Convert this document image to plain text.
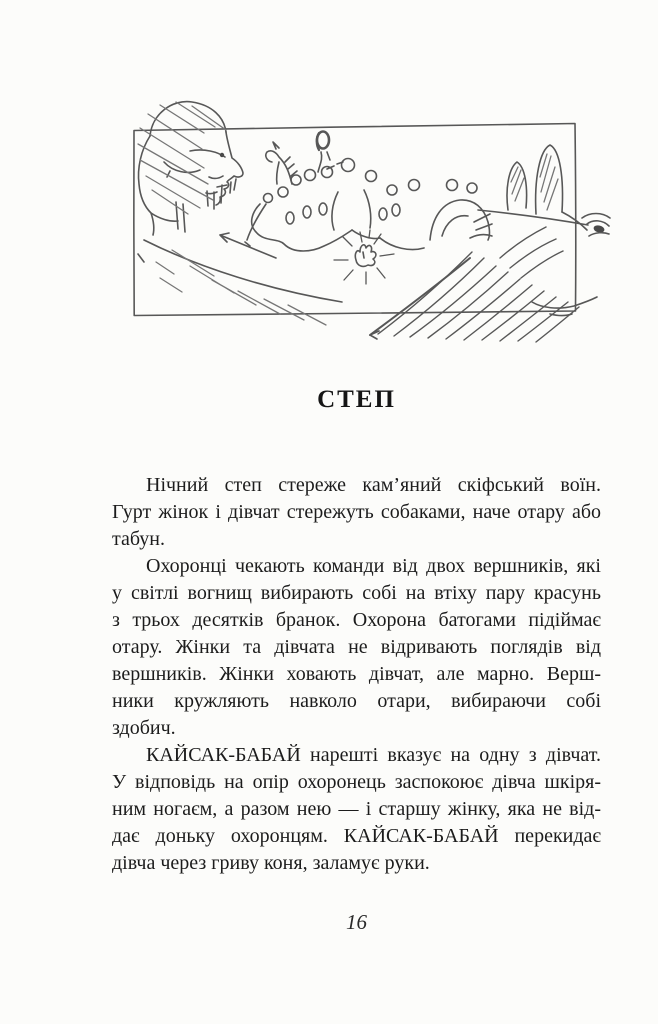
СТЕП
Нічний степ стереже кам’яний скіфський воїн.
Гурт жінок і дівчат стережуть собаками, наче отару або
табун.
Охоронці чекають команди від двох вершників, які
у світлі вогнищ вибирають собі на втіху пару красунь
з трьох десятків бранок. Охорона батогами підіймає
отару. Жінки та дівчата не відривають поглядів від
вершників. Жінки ховають дівчат, але марно. Верш-
ники кружляють навколо отари, вибираючи собі
здобич.
КАЙСАК-БАБАЙ нарешті вказує на одну з дівчат.
У відповідь на опір охоронець заспокоює дівча шкіря-
ним ногаєм, а разом нею — і старшу жінку, яка не від-
дає доньку охоронцям. КАЙСАК-БАБАЙ перекидає
дівча через гриву коня, заламує руки.
16
